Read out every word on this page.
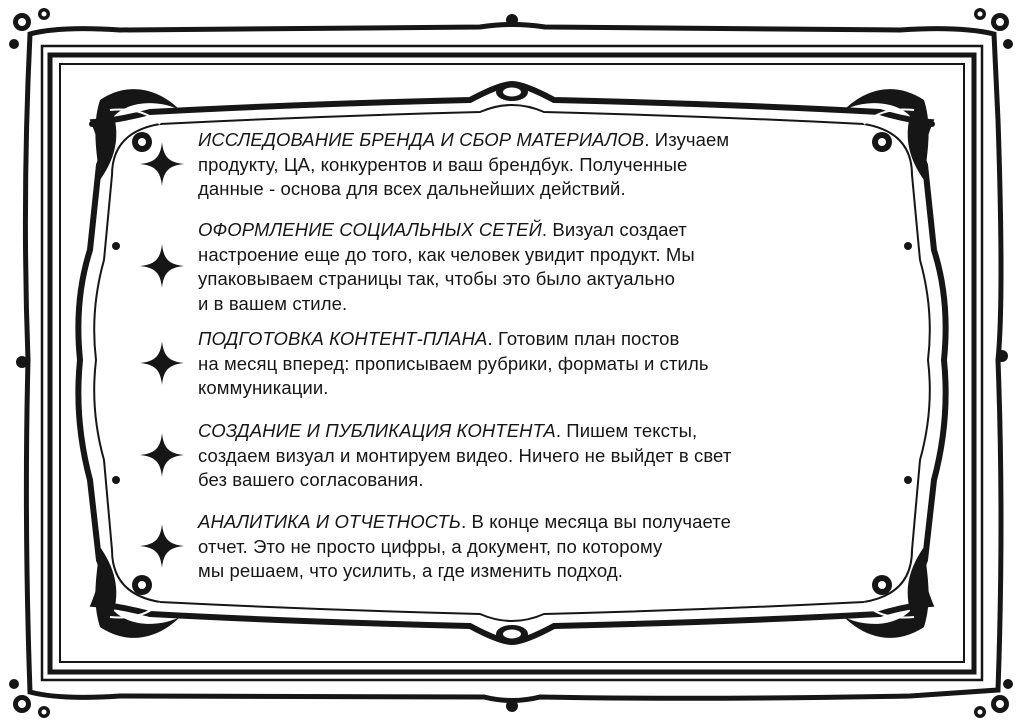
ИССЛЕДОВАНИЕ БРЕНДА И СБОР МАТЕРИАЛОВ. Изучаем
продукту, ЦА, конкурентов и ваш брендбук. Полученные
данные - основа для всех дальнейших действий.
ОФОРМЛЕНИЕ СОЦИАЛЬНЫХ СЕТЕЙ. Визуал создает
настроение еще до того, как человек увидит продукт. Мы
упаковываем страницы так, чтобы это было актуально
и в вашем стиле.
ПОДГОТОВКА КОНТЕНТ-ПЛАНА. Готовим план постов
на месяц вперед: прописываем рубрики, форматы и стиль
коммуникации.
СОЗДАНИЕ И ПУБЛИКАЦИЯ КОНТЕНТА. Пишем тексты,
создаем визуал и монтируем видео. Ничего не выйдет в свет
без вашего согласования.
АНАЛИТИКА И ОТЧЕТНОСТЬ. В конце месяца вы получаете
отчет. Это не просто цифры, а документ, по которому
мы решаем, что усилить, а где изменить подход.
